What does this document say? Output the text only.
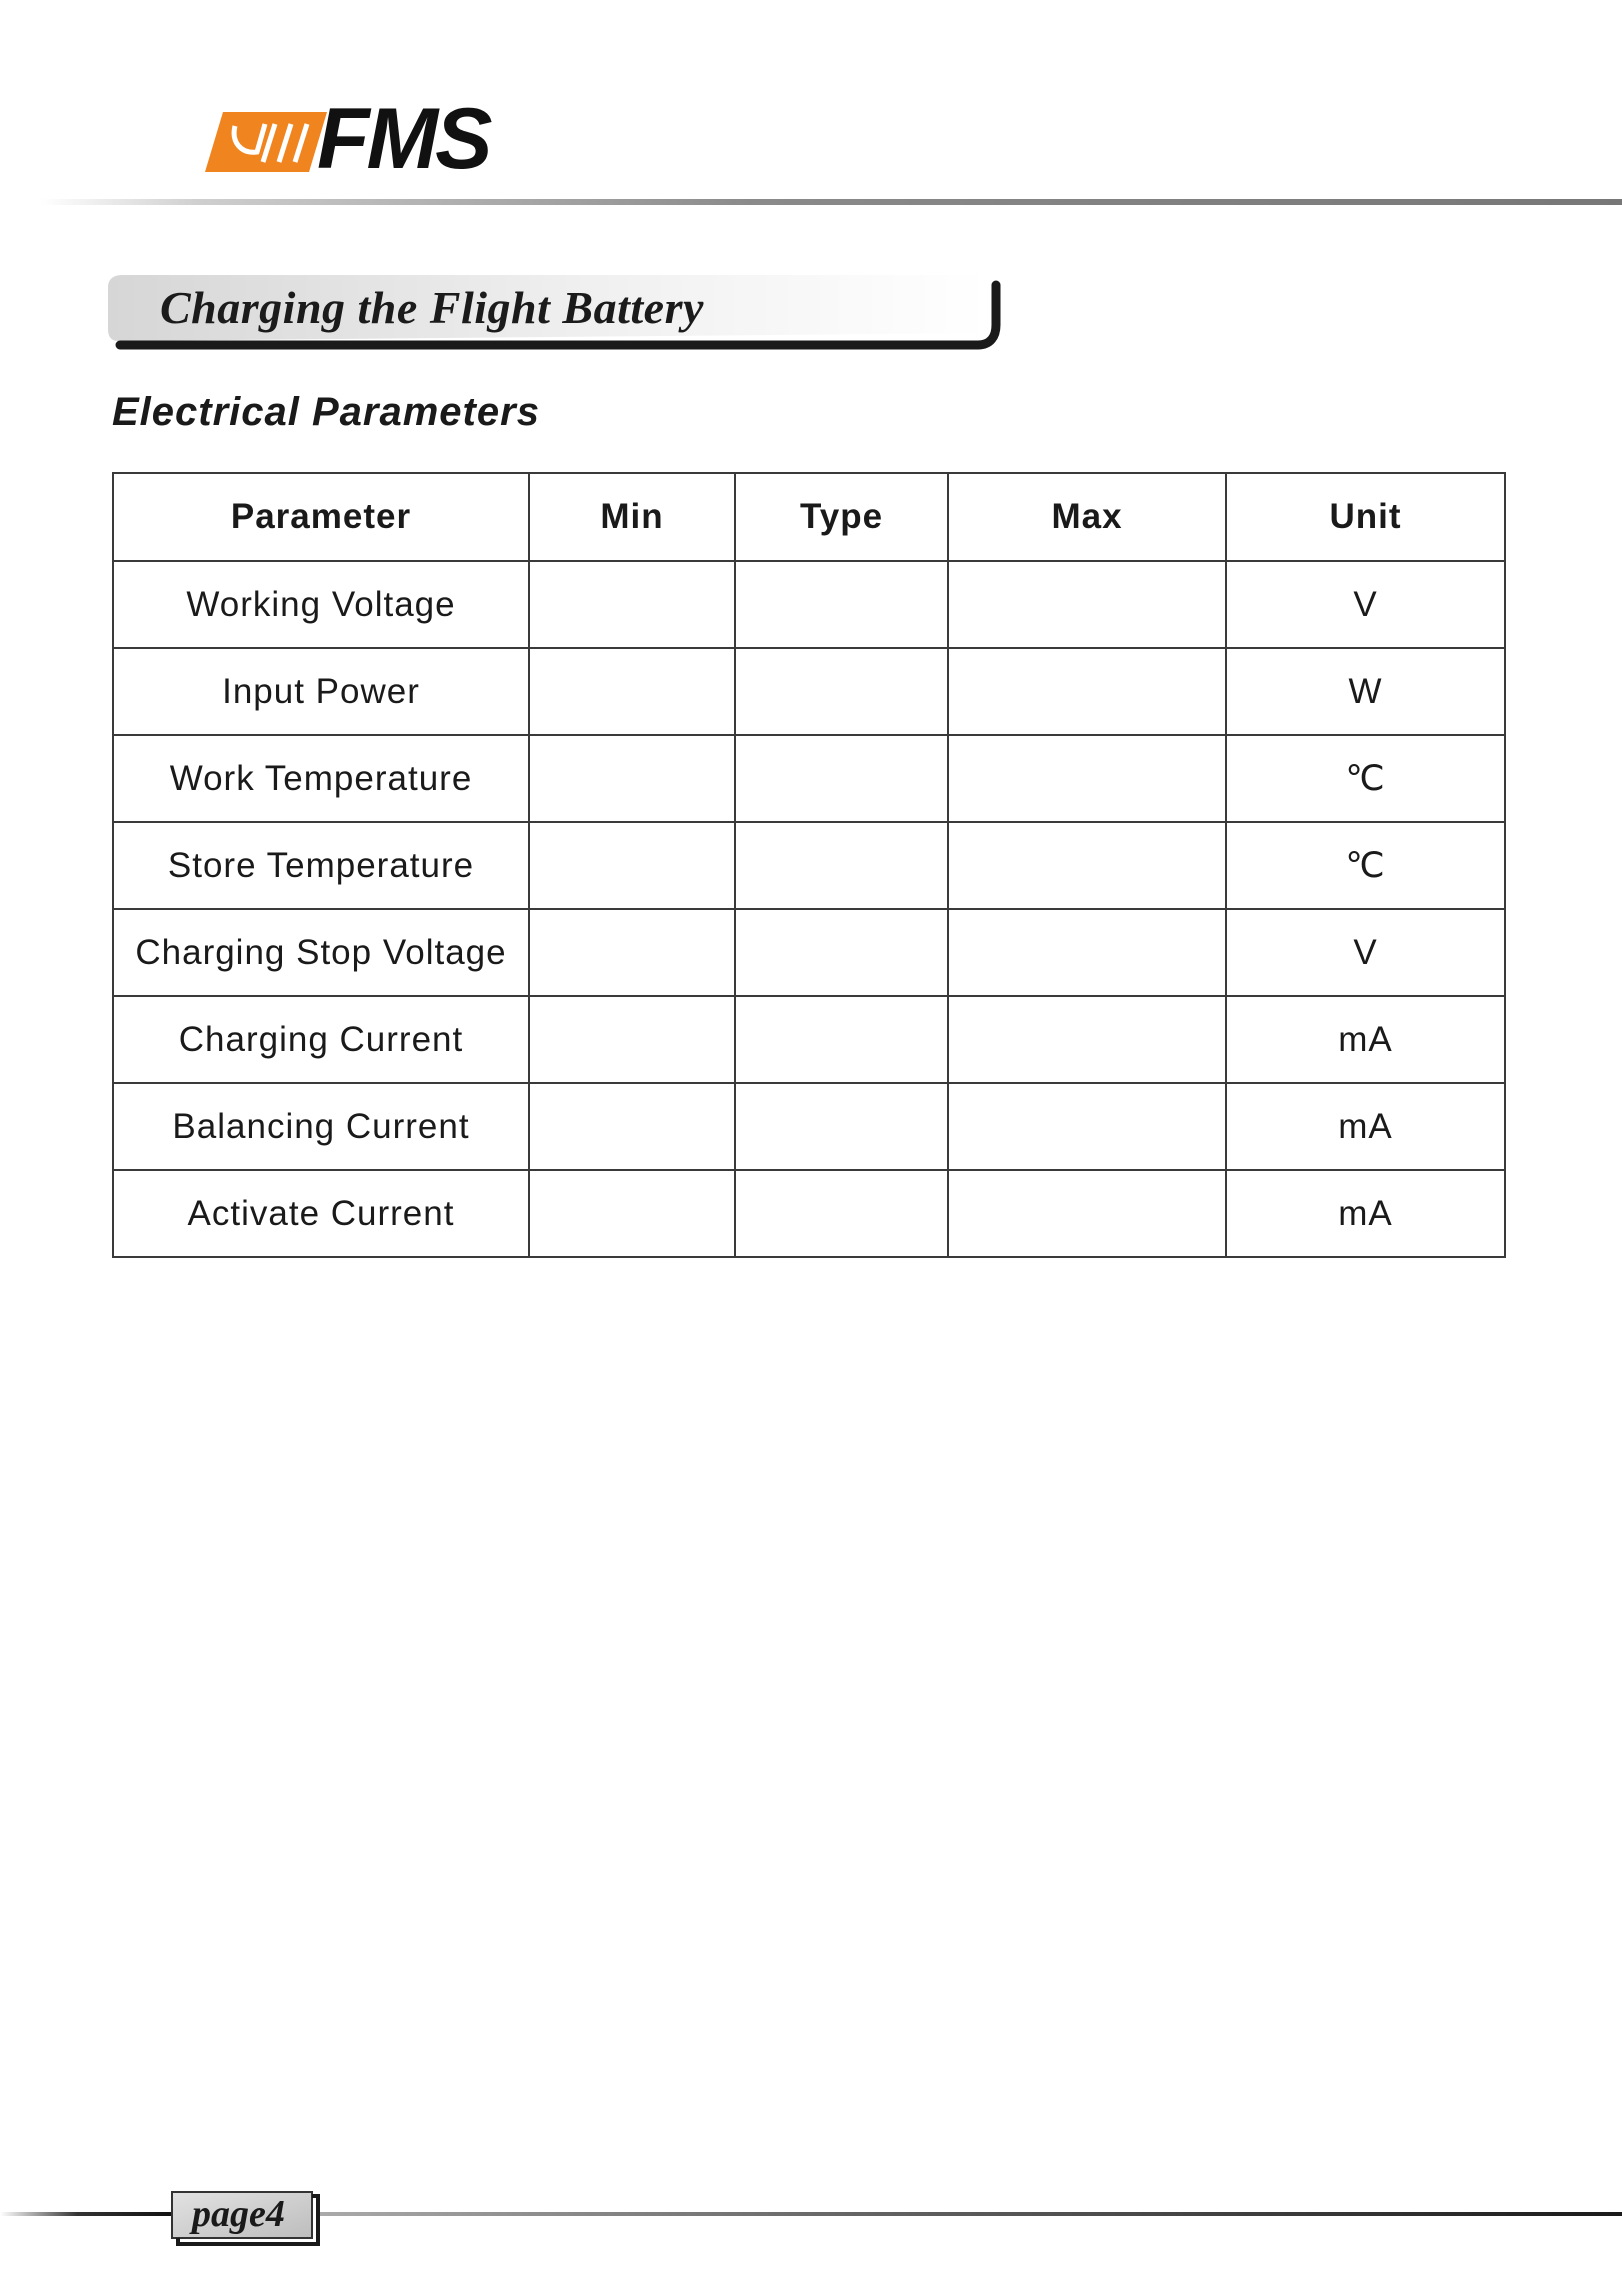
FMS
Charging the Flight Battery
Electrical Parameters
Parameter	Min	Type	Max	Unit
Working Voltage				V
Input Power				W
Work Temperature				℃
Store Temperature				℃
Charging Stop Voltage				V
Charging Current				mA
Balancing Current				mA
Activate Current				mA
page4
